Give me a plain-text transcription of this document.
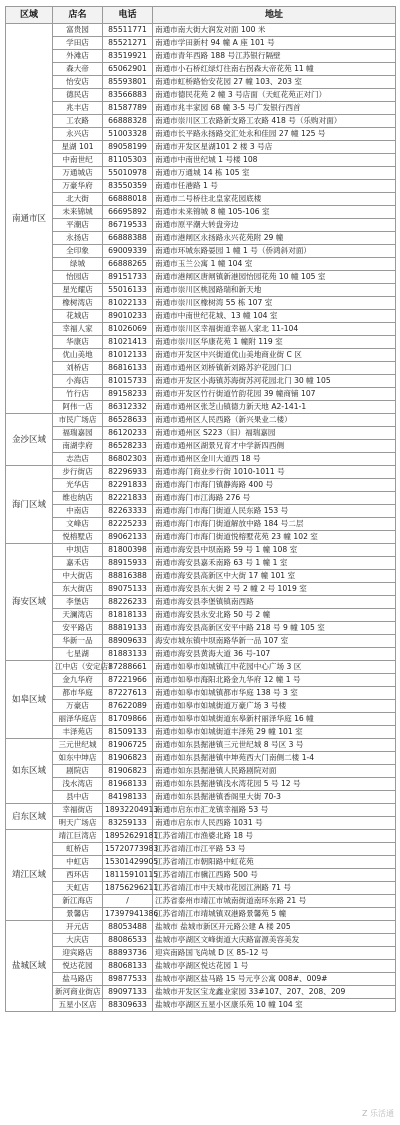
区域	店名	电话	地址
南通市区	富贵园	85511771	南通市南大街大润发对面 100 米
	学田店	85521271	南通市学田新村 94 幢 A 座 101 号
	外滩店	83519921	南通市青年西路 188 号江苏银行隔壁
	森大帝	65062901	南通市小石桥红绿灯往南右拐森大帝花苑 11 幢
	怡安店	85593801	南通市虹桥路怡安花园 27 幢 103、203 室
	德民店	83566883	南通市德民花苑 2 幢 3 号店面（天虹花苑正对门）
	兆丰店	81587789	南通市兆丰家园 68 幢 3-5 号广发银行西首
	工农路	66888328	南通市崇川区工农路新支路工农路 418 号（乐购对面）
	永兴店	51003328	南通市长平路永扬路交汇处永和佳园 27 幢 125 号
	星湖 101	89058199	南通市开发区星湖101 2 楼 3 号店
	中南世纪	81105303	南通市中南世纪城 1 号楼 108
	万通城店	55010978	南通市万通城 14 栋 105 室
	万豪华府	83550359	南通市任港路 1 号
	北大街	66888018	南通市二号桥往北皇家花园底楼
	未来锦城	66695892	南通市未来锦城 8 幢 105-106 室
	平潮店	86719533	南通市原平潮大转盘旁边
	永扬店	66888388	南通市港闸区永扬路永兴花苑附 29 幢
	全印象	69009339	南通市环城东路晏园 1 幢 1 号（侨鸿斜对面）
	绿城	66888265	南通市玉兰公寓 1 幢 104 室
	怡园店	89151733	南通市港闸区唐闸镇新港园怡园花苑 10 幢 105 室
	星光耀店	55016133	南通市崇川区桃园路瑞和新天地
	橡树湾店	81022133	南通市崇川区橡树湾 55 栋 107 室
	花城店	89010233	南通市中南世纪花城、13 幢 104 室
	幸福人家	81026069	南通市崇川区幸福街道幸福人家北 11-104
	华康店	81021413	南通市崇川区华康花苑 1 幢附 119 室
	优山美地	81012133	南通市开发区中兴街道优山美地商业街 C 区
	刘桥店	86816133	南通市通州区刘桥镇新刘路苏沪花园门口
	小海店	81015733	南通市开发区小海镇苏海街苏河花园北门 30 幢 105
	竹行店	89158233	南通市开发区竹行街道竹韵花园 39 幢商铺 107
	阿伟一店	86312332	南通市通州区张芝山镇德力新天地 A2-141-1
金沙区域	市民广场店	86528633	南通市通州区人民西路（新兴果业二楼）
	福瑞嘉园	86120233	南通市通州区 S223（旧）福瑞嘉园
	南湖孛府	86528233	南通市通州区湖景兄育才中学新四西侧
	志浩店	86802303	南通市通州区金川大道西 18 号
海门区域	步行街店	82296933	南通市海门商业步行街 1010-1011 号
	光华店	82291833	南通市海门市海门镇静海路 400 号
	维也纳店	82221833	南通市海门市江海路 276 号
	中南店	82263333	南通市海门市海门街道人民东路 153 号
	文峰店	82225233	南通市海门市海门街道解放中路 184 号二层
	悦榕墅店	89062133	南通市海门市海门街道悦榕墅花苑 23 幢 102 室
海安区域	中坝店	81800398	南通市海安县中坝南路 59 号 1 幢 108 室
	嘉禾店	88915933	南通市海安县嘉禾南路 63 号 1 幢 1 室
	中大街店	88816388	南通市海安县高新区中大街 17 幢 101 室
	东大街店	89075133	南通市海安县东大街 2 号 2 幢 2 号 1019 室
	李堡店	88226233	南通市海安县李堡镇镇南西路
	天澜湾店	81818133	南通市海安县永安北路 50 号 2 幢
	安平路店	88819133	南通市海安县高新区安平中路 218 号 9 幢 105 室
	华新一品	88909633	海安市城东镇中坝南路华新一品 107 室
	七星湖	81883133	南通市海安县黄海大道 36 号-107
如皋区域	江中店（安定店）	87288661	南通市如皋市如城镇江中花园中心广场 3 区
	金九华府	87221966	南通市如皋市海阳北路金九华府 12 幢 1 号
	都市华庭	87227613	南通市如皋市如城镇都市华庭 138 号 3 室
	万豪店	87622089	南通市如皋市如城街道万豪广场 3 号楼
	丽泽华庭店	81709866	南通市如皋市如城街道东皋新村丽泽华庭 16 幢
	丰泽苑店	81509133	南通市如皋市如城街道丰泽苑 29 幢 101 室
如东区域	三元世纪城	81906725	南通市如东县掘港镇三元世纪城 8 号区 3 号
	如东中坤店	81906823	南通市如东县掘港镇中坤苑西大门南侧二楼 1-4
	剧院店	81906823	南通市如东县掘港镇人民路剧院对面
	浅水湾店	81968133	南通市如东县掘港镇浅水湾花园 5 号 12 号
	县中店	84198133	南通市如东县掘港镇香阁里大街 70-3
启东区域	幸福街店	18932204913	南通市启东市汇龙镇幸福路 53 号
	明天广场店	83259133	南通市启东市人民西路 1031 号
靖江区域	靖江巨湾店	18952629181	江苏省靖江市渔婆北路 18 号
	虹桥店	15720773983	江苏省靖江市江平路 53 号
	中虹店	15301429905	江苏省靖江市朝阳路中虹花苑
	西环店	18115910115	江苏省靖江市骥江西路 500 号
	天虹店	18756296211	江苏省靖江市中天城市花园江洲路 71 号
	新江海店	/	江苏省泰州市靖江市城南街道南环东路 21 号
	景馨店	17397941386	江苏省靖江市靖城镇双港路景馨苑 5 幢
盐城区域	开元店	88053488	盐城市 盐城市新区开元路公建 A 楼 205
	大庆店	88086533	盐城市亭湖区文峰街道大庆路富源美容美发
	迎宾路店	88893736	迎宾南路国飞尚城 D 区 85-12 号
	悦达花园	88068133	盐城市亭湖区悦达花园 1 号
	盐马路店	89877533	盐城市亭湖区盐马路 15 号元亨公寓 008#、009#
	新河商业街店	89097133	盐城市开发区宝龙鑫业家园 33#107、207、208、209
	五星小区店	88309633	盐城市亭湖区五星小区康乐苑 10 幢 104 室
Z 乐活通
